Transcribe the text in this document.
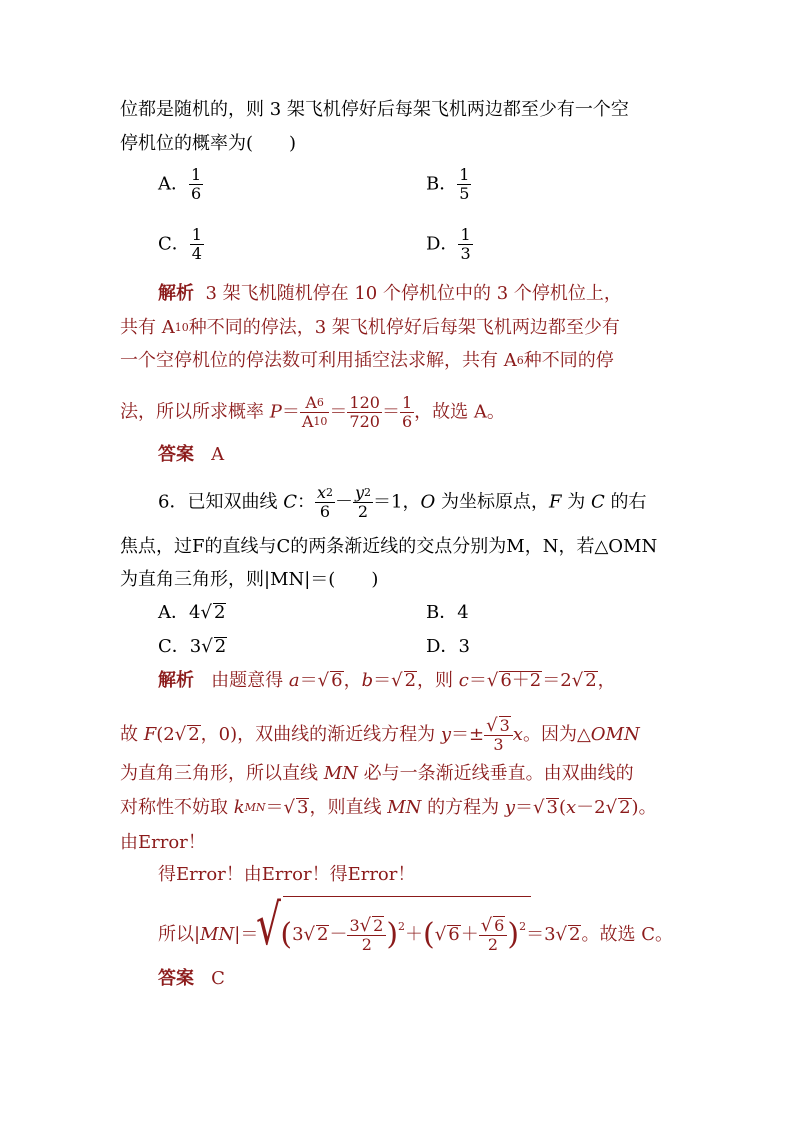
位都是随机的，则 3 架飞机停好后每架飞机两边都至少有一个空
停机位的概率为(　　)
A． $\frac{1}{6}$	B． $\frac{1}{5}$
C． $\frac{1}{4}$	D． $\frac{1}{3}$
解析 3 架飞机随机停在 10 个停机位中的 3 个停机位上，
共有 $A^{10}$种不同的停法，3 架飞机停好后每架飞机两边都至少有
一个空停机位的停法数可利用插空法求解，共有 $A^6$种不同的停
法，所以所求概率 $P= \frac{A^6}{A^{10}} = \frac{120}{720} = \frac{1}{6}$ ，故选 A。
答案 A
6．已知双曲线 C： $\frac{x^2}{6} - \frac{y^2}{2} =1$，O 为坐标原点，F 为 C 的右
焦点，过F的直线与C的两条渐近线的交点分别为M，N，若△OMN
为直角三角形，则|MN|＝(　　)
A．4√ 2	B．4
C．3√ 2	D．3
解析 由题意得 a＝√ 6，b＝√ 2，则 c＝√ 6＋2＝2√ 2，
故 F(2√ 2，0)，双曲线的渐近线方程为 $y=\pm \frac{√ 3}{3}$ x。因为△OMN
为直角三角形，所以直线 MN 必与一条渐近线垂直。由双曲线的
对称性不妨取 kMN＝√ 3，则直线 MN 的方程为 y＝√ 3(x－2√ 2)。
由Error！
得Error！由Error！得Error！
√
所以|MN|＝ (3√ $2- \frac{3√ 2}{2} )^2+(√$ $6+ \frac{√ 6}{2} )^2=3√$ 2。故选 C。
答案 C
